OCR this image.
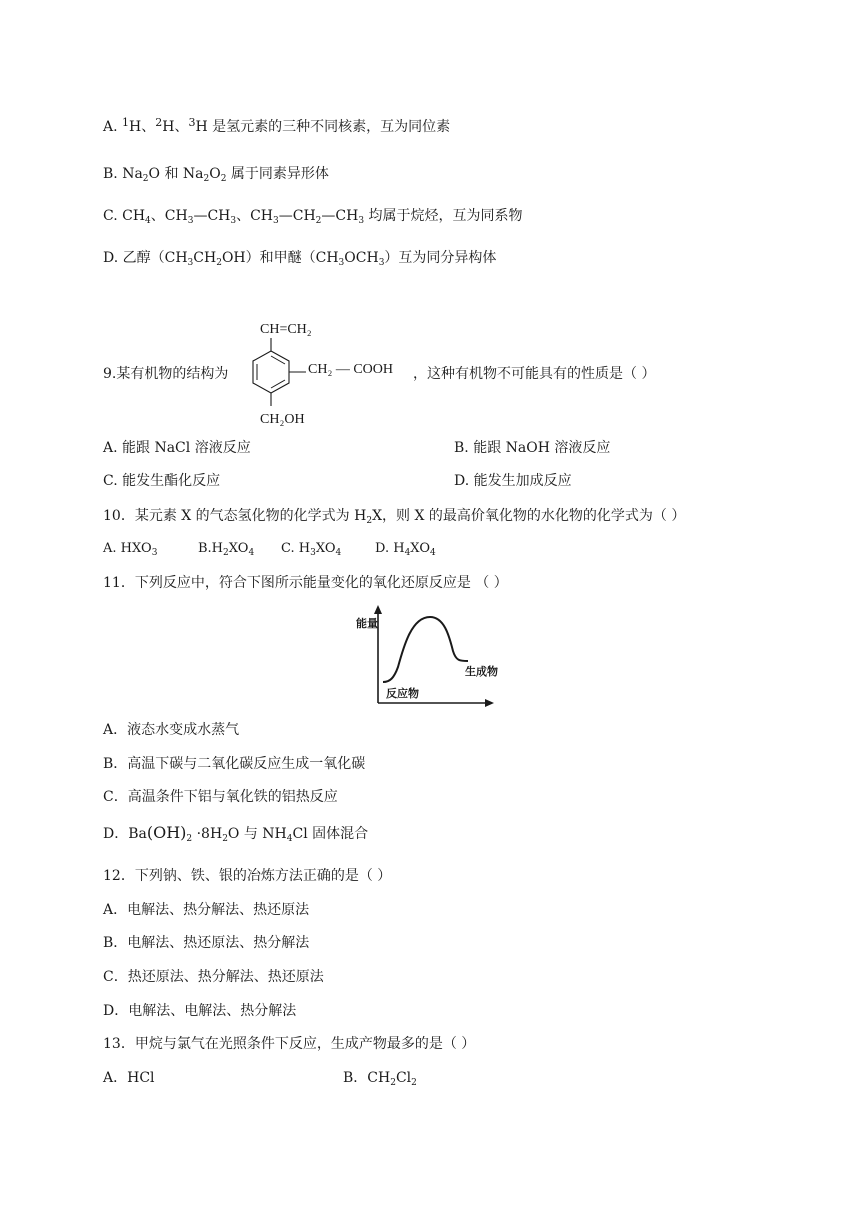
A. $^1$H、$^2$H、$^3$H 是氢元素的三种不同核素，互为同位素
B. $Na_2O$ 和 $Na_2O_2$ 属于同素异形体
C. $CH_4$、$CH_3—CH_3$、$CH_3—CH_2—CH_3$ 均属于烷烃，互为同系物
D. 乙醇$(CH_3CH_2OH)$和甲醚$(CH_3OCH_3)$互为同分异构体
9.某有机物的结构为
CH=CH₂
CH₂ — COOH
CH₂OH
，这种有机物不可能具有的性质是（ ）
A. 能跟 NaCl 溶液反应	B. 能跟 NaOH 溶液反应
C. 能发生酯化反应	D. 能发生加成反应
10．某元素 X 的气态氢化物的化学式为 $H_2X$，则 X 的最高价氧化物的水化物的化学式为（ ）
A. $HXO_3$	$B.H_2XO_4$ C. $H_3XO_4$	D. $H_4XO_4$
11．下列反应中，符合下图所示能量变化的氧化还原反应是 （ ）
能量
反应物
生成物
A．液态水变成水蒸气
B．高温下碳与二氧化碳反应生成一氧化碳
C．高温条件下铝与氧化铁的铝热反应
D．$Ba(OH)_2 \cdot 8H_2O$ 与 $NH_4Cl$ 固体混合
12．下列钠、铁、银的冶炼方法正确的是（ ）
A．电解法、热分解法、热还原法
B．电解法、热还原法、热分解法
C．热还原法、热分解法、热还原法
D．电解法、电解法、热分解法
13．甲烷与氯气在光照条件下反应，生成产物最多的是（ ）
A．HCl	B．$CH_2Cl_2$
